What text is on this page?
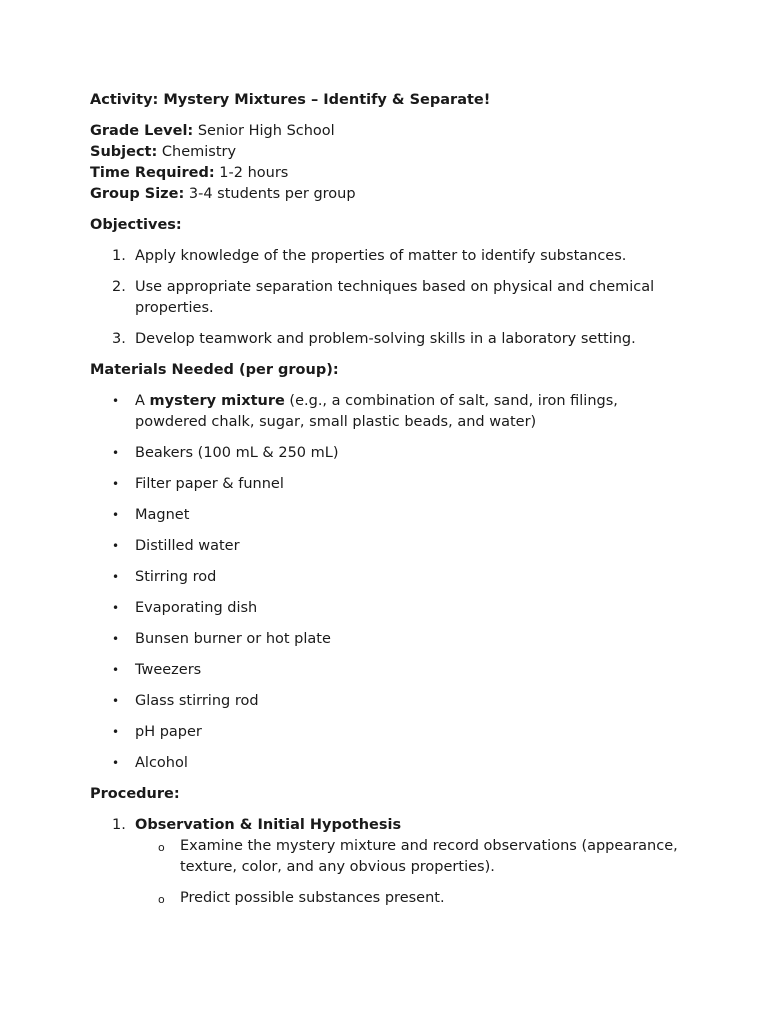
Activity: Mystery Mixtures – Identify & Separate!
Grade Level: Senior High School
Subject: Chemistry
Time Required: 1-2 hours
Group Size: 3-4 students per group
Objectives:
1. Apply knowledge of the properties of matter to identify substances.
2. Use appropriate separation techniques based on physical and chemical properties.
3. Develop teamwork and problem-solving skills in a laboratory setting.
Materials Needed (per group):
• A mystery mixture (e.g., a combination of salt, sand, iron filings, powdered chalk, sugar, small plastic beads, and water)
• Beakers (100 mL & 250 mL)
• Filter paper & funnel
• Magnet
• Distilled water
• Stirring rod
• Evaporating dish
• Bunsen burner or hot plate
• Tweezers
• Glass stirring rod
• pH paper
• Alcohol
Procedure:
1. Observation & Initial Hypothesis
o Examine the mystery mixture and record observations (appearance, texture, color, and any obvious properties).
o Predict possible substances present.
